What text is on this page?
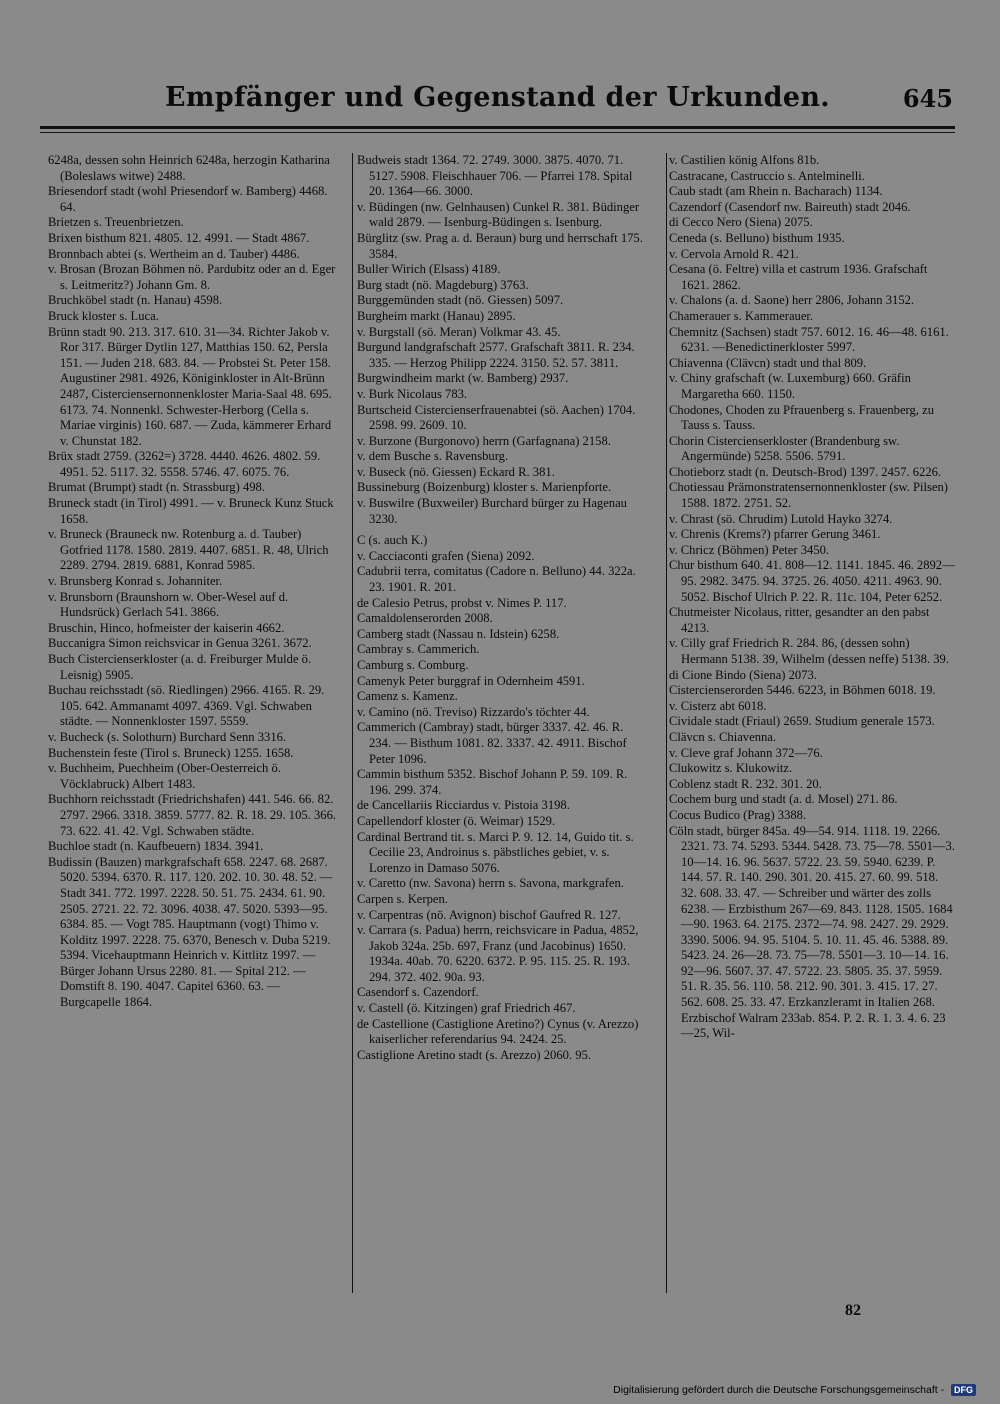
Empfänger und Gegenstand der Urkunden.	645

6248a, dessen sohn Heinrich 6248a, herzogin Katharina (Boleslaws witwe) 2488.

Briesendorf stadt (wohl Priesendorf w. Bamberg) 4468. 64.

Brietzen s. Treuenbrietzen.

Brixen bisthum 821. 4805. 12. 4991. — Stadt 4867.

Bronnbach abtei (s. Wertheim an d. Tauber) 4486.

v. Brosan (Brozan Böhmen nö. Pardubitz oder an d. Eger s. Leitmeritz?) Johann Gm. 8.

Bruchköbel stadt (n. Hanau) 4598.

Bruck kloster s. Luca.

Brünn stadt 90. 213. 317. 610. 31—34. Richter Jakob v. Ror 317. Bürger Dytlin 127, Matthias 150. 62, Persla 151. — Juden 218. 683. 84. — Probstei St. Peter 158. Augustiner 2981. 4926, Königinkloster in Alt-Brünn 2487, Cisterciensernonnenkloster Maria-Saal 48. 695. 6173. 74. Nonnenkl. Schwester-Herborg (Cella s. Mariae virginis) 160. 687. — Zuda, kämmerer Erhard v. Chunstat 182.

Brüx stadt 2759. (3262=) 3728. 4440. 4626. 4802. 59. 4951. 52. 5117. 32. 5558. 5746. 47. 6075. 76.

Brumat (Brumpt) stadt (n. Strassburg) 498.

Bruneck stadt (in Tirol) 4991. — v. Bruneck Kunz Stuck 1658.

v. Bruneck (Brauneck nw. Rotenburg a. d. Tauber) Gotfried 1178. 1580. 2819. 4407. 6851. R. 48, Ulrich 2289. 2794. 2819. 6881, Konrad 5985.

v. Brunsberg Konrad s. Johanniter.

v. Brunsborn (Braunshorn w. Ober-Wesel auf d. Hundsrück) Gerlach 541. 3866.

Bruschin, Hinco, hofmeister der kaiserin 4662.

Buccanigra Simon reichsvicar in Genua 3261. 3672.

Buch Cistercienserkloster (a. d. Freiburger Mulde ö. Leisnig) 5905.

Buchau reichsstadt (sö. Riedlingen) 2966. 4165. R. 29. 105. 642. Ammanamt 4097. 4369. Vgl. Schwaben städte. — Nonnenkloster 1597. 5559.

v. Bucheck (s. Solothurn) Burchard Senn 3316.

Buchenstein feste (Tirol s. Bruneck) 1255. 1658.

v. Buchheim, Puechheim (Ober-Oesterreich ö. Vöcklabruck) Albert 1483.

Buchhorn reichsstadt (Friedrichshafen) 441. 546. 66. 82. 2797. 2966. 3318. 3859. 5777. 82. R. 18. 29. 105. 366. 73. 622. 41. 42. Vgl. Schwaben städte.

Buchloe stadt (n. Kaufbeuern) 1834. 3941.

Budissin (Bauzen) markgrafschaft 658. 2247. 68. 2687. 5020. 5394. 6370. R. 117. 120. 202. 10. 30. 48. 52. — Stadt 341. 772. 1997. 2228. 50. 51. 75. 2434. 61. 90. 2505. 2721. 22. 72. 3096. 4038. 47. 5020. 5393—95. 6384. 85. — Vogt 785. Hauptmann (vogt) Thimo v. Kolditz 1997. 2228. 75. 6370, Benesch v. Duba 5219. 5394. Vicehauptmann Heinrich v. Kittlitz 1997. — Bürger Johann Ursus 2280. 81. — Spital 212. — Domstift 8. 190. 4047. Capitel 6360. 63. — Burgcapelle 1864.

Budweis stadt 1364. 72. 2749. 3000. 3875. 4070. 71. 5127. 5908. Fleischhauer 706. — Pfarrei 178. Spital 20. 1364—66. 3000.

v. Büdingen (nw. Gelnhausen) Cunkel R. 381. Büdinger wald 2879. — Isenburg-Büdingen s. Isenburg.

Bürglitz (sw. Prag a. d. Beraun) burg und herrschaft 175. 3584.

Buller Wirich (Elsass) 4189.

Burg stadt (nö. Magdeburg) 3763.

Burggemünden stadt (nö. Giessen) 5097.

Burgheim markt (Hanau) 2895.

v. Burgstall (sö. Meran) Volkmar 43. 45.

Burgund landgrafschaft 2577. Grafschaft 3811. R. 234. 335. — Herzog Philipp 2224. 3150. 52. 57. 3811.

Burgwindheim markt (w. Bamberg) 2937.

v. Burk Nicolaus 783.

Burtscheid Cistercienserfrauenabtei (sö. Aachen) 1704. 2598. 99. 2609. 10.

v. Burzone (Burgonovo) herrn (Garfagnana) 2158.

v. dem Busche s. Ravensburg.

v. Buseck (nö. Giessen) Eckard R. 381.

Bussineburg (Boizenburg) kloster s. Marienpforte.

v. Buswilre (Buxweiler) Burchard bürger zu Hagenau 3230.

C (s. auch K.)

v. Cacciaconti grafen (Siena) 2092.

Cadubrii terra, comitatus (Cadore n. Belluno) 44. 322a. 23. 1901. R. 201.

de Calesio Petrus, probst v. Nimes P. 117.

Camaldolenserorden 2008.

Camberg stadt (Nassau n. Idstein) 6258.

Cambray s. Cammerich.

Camburg s. Comburg.

Camenyk Peter burggraf in Odernheim 4591.

Camenz s. Kamenz.

v. Camino (nö. Treviso) Rizzardo's töchter 44.

Cammerich (Cambray) stadt, bürger 3337. 42. 46. R. 234. — Bisthum 1081. 82. 3337. 42. 4911. Bischof Peter 1096.

Cammin bisthum 5352. Bischof Johann P. 59. 109. R. 196. 299. 374.

de Cancellariis Ricciardus v. Pistoia 3198.

Capellendorf kloster (ö. Weimar) 1529.

Cardinal Bertrand tit. s. Marci P. 9. 12. 14, Guido tit. s. Cecilie 23, Androinus s. päbstliches gebiet, v. s. Lorenzo in Damaso 5076.

v. Caretto (nw. Savona) herrn s. Savona, markgrafen.

Carpen s. Kerpen.

v. Carpentras (nö. Avignon) bischof Gaufred R. 127.

v. Carrara (s. Padua) herrn, reichsvicare in Padua, 4852, Jakob 324a. 25b. 697, Franz (und Jacobinus) 1650. 1934a. 40ab. 70. 6220. 6372. P. 95. 115. 25. R. 193. 294. 372. 402. 90a. 93.

Casendorf s. Cazendorf.

v. Castell (ö. Kitzingen) graf Friedrich 467.

de Castellione (Castiglione Aretino?) Cynus (v. Arezzo) kaiserlicher referendarius 94. 2424. 25.

Castiglione Aretino stadt (s. Arezzo) 2060. 95.

v. Castilien könig Alfons 81b.

Castracane, Castruccio s. Antelminelli.

Caub stadt (am Rhein n. Bacharach) 1134.

Cazendorf (Casendorf nw. Baireuth) stadt 2046.

di Cecco Nero (Siena) 2075.

Ceneda (s. Belluno) bisthum 1935.

v. Cervola Arnold R. 421.

Cesana (ö. Feltre) villa et castrum 1936. Grafschaft 1621. 2862.

v. Chalons (a. d. Saone) herr 2806, Johann 3152.

Chamerauer s. Kammerauer.

Chemnitz (Sachsen) stadt 757. 6012. 16. 46—48. 6161. 6231. —Benedictinerkloster 5997.

Chiavenna (Clävcn) stadt und thal 809.

v. Chiny grafschaft (w. Luxemburg) 660. Gräfin Margaretha 660. 1150.

Chodones, Choden zu Pfrauenberg s. Frauenberg, zu Tauss s. Tauss.

Chorin Cistercienserkloster (Brandenburg sw. Angermünde) 5258. 5506. 5791.

Chotieborz stadt (n. Deutsch-Brod) 1397. 2457. 6226.

Chotiessau Prämonstratensernonnenkloster (sw. Pilsen) 1588. 1872. 2751. 52.

v. Chrast (sö. Chrudim) Lutold Hayko 3274.

v. Chrenis (Krems?) pfarrer Gerung 3461.

v. Chricz (Böhmen) Peter 3450.

Chur bisthum 640. 41. 808—12. 1141. 1845. 46. 2892—95. 2982. 3475. 94. 3725. 26. 4050. 4211. 4963. 90. 5052. Bischof Ulrich P. 22. R. 11c. 104, Peter 6252.

Chutmeister Nicolaus, ritter, gesandter an den pabst 4213.

v. Cilly graf Friedrich R. 284. 86, (dessen sohn) Hermann 5138. 39, Wilhelm (dessen neffe) 5138. 39.

di Cione Bindo (Siena) 2073.

Cistercienserorden 5446. 6223, in Böhmen 6018. 19.

v. Cisterz abt 6018.

Cividale stadt (Friaul) 2659. Studium generale 1573.

Clävcn s. Chiavenna.

v. Cleve graf Johann 372—76.

Clukowitz s. Klukowitz.

Coblenz stadt R. 232. 301. 20.

Cochem burg und stadt (a. d. Mosel) 271. 86.

Cocus Budico (Prag) 3388.

Cöln stadt, bürger 845a. 49—54. 914. 1118. 19. 2266. 2321. 73. 74. 5293. 5344. 5428. 73. 75—78. 5501—3. 10—14. 16. 96. 5637. 5722. 23. 59. 5940. 6239. P. 144. 57. R. 140. 290. 301. 20. 415. 27. 60. 99. 518. 32. 608. 33. 47. — Schreiber und wärter des zolls 6238. — Erzbisthum 267—69. 843. 1128. 1505. 1684—90. 1963. 64. 2175. 2372—74. 98. 2427. 29. 2929. 3390. 5006. 94. 95. 5104. 5. 10. 11. 45. 46. 5388. 89. 5423. 24. 26—28. 73. 75—78. 5501—3. 10—14. 16. 92—96. 5607. 37. 47. 5722. 23. 5805. 35. 37. 5959. 51. R. 35. 56. 110. 58. 212. 90. 301. 3. 415. 17. 27. 562. 608. 25. 33. 47. Erzkanzleramt in Italien 268. Erzbischof Walram 233ab. 854. P. 2. R. 1. 3. 4. 6. 23—25, Wil-

82
Digitalisierung gefördert durch die Deutsche Forschungsgemeinschaft - DFG
